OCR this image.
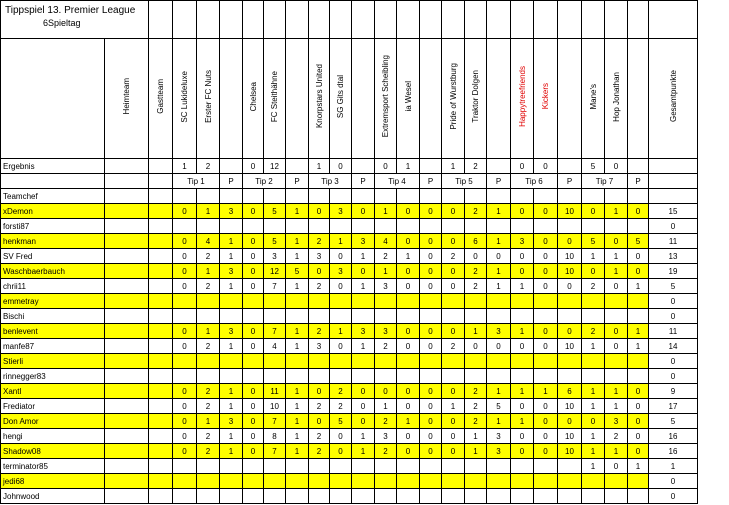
Tippspiel 13. Premier League
6Spieltag																								

	Heimteam	Gastteam	SC Lukideluxe	Erster FC Nuts		Chelsea	FC Steithähne		Knorpstars United	SG Gits dtal		Extremsport Scheibling	ia Wesel		Pride of Wurstburg	Traktor Dolgen		Happytreefriends	Kickers		Mane's	Hop Jonathan		Gesamtpunkte
Ergebnis			1	2		0	12		1	0		0	1		1	2		0	0		5	0		
			Tip 1		P	Tip 2		P	Tip 3		P	Tip 4		P	Tip 5		P	Tip 6		P	Tip 7		P	
Teamchef																								
xDemon			0	1	3	0	5	1	0	3	0	1	0	0	0	2	1	0	0	10	0	1	0	15
forsti87																								0
henkman			0	4	1	0	5	1	2	1	3	4	0	0	0	6	1	3	0	0	5	0	5	11
SV Fred			0	2	1	0	3	1	3	0	1	2	1	0	2	0	0	0	0	10	1	1	0	13
Waschbaerbauch			0	1	3	0	12	5	0	3	0	1	0	0	0	2	1	0	0	10	0	1	0	19
chrii11			0	2	1	0	7	1	2	0	1	3	0	0	0	2	1	1	0	0	2	0	1	5
emmetray																								0
Bischi																								0
benlevent			0	1	3	0	7	1	2	1	3	3	0	0	0	1	3	1	0	0	2	0	1	11
manfe87			0	2	1	0	4	1	3	0	1	2	0	0	2	0	0	0	0	10	1	0	1	14
Stierli																								0
rinnegger83																								0
Xantl			0	2	1	0	11	1	0	2	0	0	0	0	0	2	1	1	1	6	1	1	0	9
Frediator			0	2	1	0	10	1	2	2	0	1	0	0	1	2	5	0	0	10	1	1	0	17
Don Amor			0	1	3	0	7	1	0	5	0	2	1	0	0	2	1	1	0	0	0	3	0	5
hengi			0	2	1	0	8	1	2	0	1	3	0	0	0	1	3	0	0	10	1	2	0	16
Shadow08			0	2	1	0	7	1	2	0	1	2	0	0	0	1	3	0	0	10	1	1	0	16
terminator85																					1	0	1	1
jedi68																								0
Johnwood																								0
